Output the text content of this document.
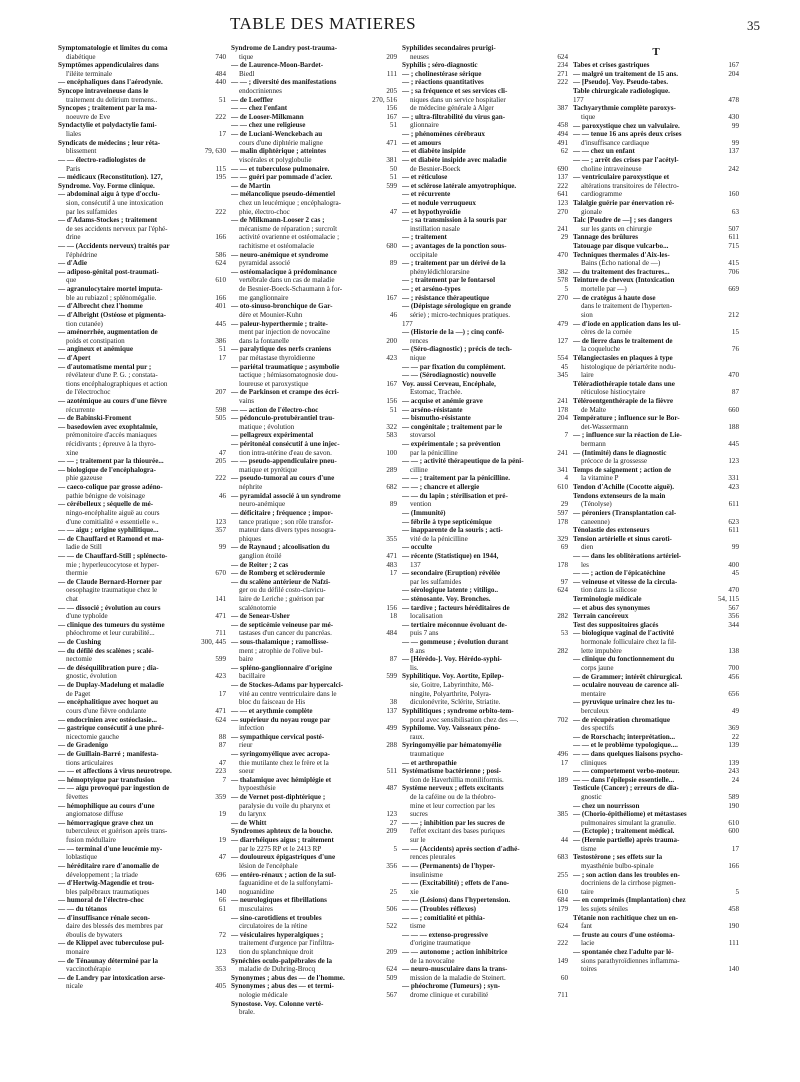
TABLE DES MATIERES	35
Symptomatologie et limites du coma
diabétique	740
Symptômes appendiculaires dans
l'iléite terminale	484
— encéphaliques dans l'aérodynie.	440
Syncope intraveineuse dans le
traitement du delirium tremens..	51
Syncopes ; traitement par la ma-
noeuvre de Eve	222
Syndactylie et polydactylie fami-
liales	17
Syndicats de médecins ; leur réta-
blissement	79, 630
— — électro-radiologistes de
Paris	115
— médicaux (Reconstitution). 127,	195
Syndrome. Voy. Forme clinique.
— abdominal aigu à type d'occlu-
sion, consécutif à une intoxication
par les sulfamides	222
— d'Adams-Stockes ; traitement
de ses accidents nerveux par l'éphé-
drine	166
— — (Accidents nerveux) traités par
l'éphédrine	586
— d'Adie	624
— adiposo-génital post-traumati-
que	610
— agranulocytaire mortel imputa-
ble au rubiazol ; splénomégalie.	166
— d'Albrecht chez l'homme	401
— d'Albright (Ostéose et pigmenta-
tion cutanée)	445
— aménorrhée, augmentation de
poids et constipation	386
— angineux et anémique	51
— d'Apert	17
— d'automatisme mental pur ;
révélateur d'une P. G. ; constata-
tions encéphalographiques et action
de l'électrochoc	207
— azotémique au cours d'une fièvre
récurrente	598
— de Babinski-Froment	505
— basedowien avec exophtalmie,
prémonitoire d'accès maniaques
récidivants ; épreuve à la thyro-
xine	47
— — ; traitement par la thiourée...	205
— biologique de l'encéphalogra-
phie gazeuse	222
— caeco-colique par grosse adéno-
pathie bénigne de voisinage	46
— cérébelleux ; séquelle de mé-
ningo-encéphalite aiguë au cours
d'une comitialité « essentielle »..	123
— — aigu ; origine syphilitique...	357
— de Chauffard et Ramond et ma-
ladie de Still	99
— — de Chauffard-Still ; splénecto-
mie ; hyperleucocytose et hyper-
thermie	670
— de Claude Bernard-Horner par
oesophagite traumatique chez le
chat	141
— — dissocié ; évolution au cours
d'une typhoïde	471
— clinique des tumeurs du système
phéochrome et leur curabilité...	711
— de Cushing	300, 445
— du défilé des scalènes ; scalé-
nectomie	599
— de déséquilibration pure ; dia-
gnostic, évolution	423
— de Duplay-Madelung et maladie
de Paget	17
— encéphalitique avec hoquet au
cours d'une fièvre ondulante	471
— endocrinien avec ostéoclasie...	624
— gastrique consécutif à une phré-
nicectomie gauche	88
— de Gradenigo	87
— de Guillain-Barré ; manifesta-
tions articulaires	47
— — et affections à virus neurotrope.	223
— hémoptyique par transfusion	7
— — aigu provoqué par ingestion de
fèvettes	359
— hémophilique au cours d'une
angiomatose diffuse	19
— hémorragique grave chez un
tuberculeux et guérison après trans-
fusion médullaire	19
— — terminal d'une leucémie my-
loblastique	47
— héréditaire rare d'anomalie de
développement ; la triade	696
— d'Hertwig-Magendie et trou-
bles palpébraux traumatiques	140
— humoral de l'électro-choc	66
— — du tétanos	61
— d'insuffisance rénale secon-
daire des blessés des membres par
éboulis de bywaters	72
— de Klippel avec tuberculose pul-
monaire	123
— de Ténaunay déterminé par la
vaccinothérapie	353
— de Landry par intoxication arse-
nicale	405
Syndrome de Landry post-trauma-
tique	209
— de Laurence-Moon-Bardet-
Biedl	111
— — ; diversité des manifestations
endocriniennes	205
— de Loeffler	270, 516
— — chez l'enfant	156
— de Looser-Milkmann	167
— — chez une religieuse	51
— de Luciani-Wenckebach au
cours d'une diphtérie maligne	471
— malin diphtérique ; atteintes
viscérales et polyglobulie	381
— — et tuberculose pulmonaire.	50
— — guéri par pommade d'acier.	51
— de Martin	599
— mélancolique pseudo-démentiel
chez un leucémique ; encéphalogra-
phie, électro-choc	47
— de Milkmann-Looser 2 cas ;
mécanisme de réparation ; surcroît
activité ovarienne et ostéomalacie ;
rachitisme et ostéomalacie	680
— neuro-anémique et syndrome
pyramidal associé	89
— ostéomalacique à prédominance
vertébrale dans un cas de maladie
de Besnier-Boeck-Schaumann à for-
me ganglionnaire	167
— oto-sinuso-bronchique de Gar-
dère et Mounier-Kuhn	46
— paleur-hyperthermie ; traite-
ment par injection de novocaïne
dans la fontanelle	200
— paralytique des nerfs craniens
par métastase thyroïdienne	423
— pariétal traumatique ; asymbolie
tactique ; hémiasomatognosie dou-
loureuse et paroxystique	167
— de Parkinson et crampe des écri-
vains	156
— — action de l'électro-choc	51
— pédonculo-protubérantiel trau-
matique ; évolution	322
— pellagreux expérimental	583
— péritonéal consécutif à une injec-
tion intra-utérine d'eau de savon.	100
— — pseudo-appendiculaire pneu-
matique et pyrétique	289
— pseudo-tumoral au cours d'une
néphrite	682
— pyramidal associé à un syndrome
neuro-anémique	89
— déficitaire ; fréquence ; impor-
tance pratique ; son rôle transfor-
mateur dans divers types nosogra-
phiques	355
— de Raynaud ; alcoolisation du
ganglion étoilé	471
— de Reiter ; 2 cas	483
— de Romberg et sclérodermie	17
— du scalène antérieur de Nafzi-
ger ou du défilé costo-clavicu-
laire de Leriche ; guérison par
scalénotomie	156
— de Senear-Usher	18
— de septicémie veineuse par mé-
tastases d'un cancer du pancréas.	484
— sous-thalamique ; ramollisse-
ment ; atrophie de l'olive bul-
baire	87
— spléno-ganglionnaire d'origine
bacillaire	599
— de Stockes-Adams par hypercalci-
vité au centre ventriculaire dans le
bloc du faisceau de His	38
— — et arythmie complète	137
— supérieur du noyau rouge par
infection	499
— sympathique cervical posté-
rieur	288
— syringomyélique avec acropa-
thie mutilante chez le frère et la
soeur	511
— thalamique avec hémiplégie et
hypoesthésie	487
— de Vernet post-diphtérique ;
paralysie du voile du pharynx et
du larynx	123
— de Whitt	27
Syndromes aphteux de la bouche.	209
— diarrhéiques aigus ; traitement
par le 2275 RP et le 2413 RP	5
— douloureux épigastriques d'une
lésion de l'encéphale	356
— entéro-rénaux ; action de la sul-
faguanidine et de la sulfonylami-
noguanidine	25
— neurologiques et fibrillations
musculaires	506
— sino-carotidiens et troubles
circulatoires de la rétine	522
— vésiculaires hyperalgiques ;
traitement d'urgence par l'infiltra-
tion du splanchnique droit	209
Synéchies oculo-palpébrales de la
maladie de Duhring-Brocq	624
Synonymes ; abus des — de l'homme.	509
Synonymes ; abus des — et termi-
nologie médicale	567
Synostose. Voy. Colonne verté-
brale.
Syphilides secondaires prurigi-
neuses	624
Syphilis ; séro-diagnostic	234
— ; cholinestérase sérique	271
— ; réactions quantitatives	222
— ; sa fréquence et ses services cli-
niques dans un service hospitalier
de médecine générale à Alger	387
— ; ultra-filtrabilité du virus gan-
glionnaire	458
— ; phénomènes cérébraux	494
— et amours	491
— et diabète insipide	62
— et diabète insipide avec maladie
de Besnier-Boeck	690
— et réticulose	137
— et sclérose latérale amyotrophique.	222
— et récurrente	641
— et nodule verruqueux	123
— et hypothyroïdie	270
— ; sa transmission à la souris par
instillation nasale	241
— ; traitement	29
— ; avantages de la ponction sous-
occipitale	470
— ; traitement par un dérivé de la
phénylédichlorarsine	382
— ; traitement par le fontarsol	578
— ; et arséno-types	5
— ; résistance thérapeutique	270
— (Dépistage sérologique en grande
série) ; micro-techniques pratiques.
177	479
— (Historie de la —) ; cinq confé-
rences	127
— (Séro-diagnostic) ; précis de tech-
nique	554
— — par fixation du complément.	45
— — (Sérodiagnostic) nouvelle	345
Voy. aussi Cerveau, Encéphale,
Estomac, Trachée.
— acquise et anémie grave	241
— arséno-résistante	178
— bismutho-résistante	204
— congénitale ; traitement par le
stovarsol	7
— expérimentale ; sa prévention
par la pénicilline	241
— — ; activité thérapeutique de la péni-
cilline	341
— — ; traitement par la pénicilline.	4
— — ; chancre et allergie	610
— — du lapin ; stérilisation et pré-
vention	29
— (Immunité)	597
— fébrile à type septicémique	178
— inapparente de la souris ; acti-
vité de la pénicilline	329
— occulte	69
— récente (Statistique) en 1944,
137	178
— secondaire (Eruption) révélée
par les sulfamides	97
— sérologique latente ; vitiligo..	624
— sténosante. Voy. Bronches.
— tardive ; facteurs héréditaires de
localisation	282
— tertiaire méconnue évoluant de-
puis 7 ans	53
— — gommeuse ; évolution durant
8 ans	282
— [Hérédo-]. Voy. Hérédo-syphi-
lis.
Syphilitique. Voy. Aortite, Epilep-
sie, Goitre, Labyrinthite, Mé-
ningite, Polyarthrite, Polyra-
diculonévrite, Sclérite, Striatite.
Syphilitiques ; syndrome orbito-tem-
poral avec sensibilisation chez des —.	702
Syphilome. Voy. Vaisseaux péno-
raux.
Syringomyélie par hématomyélie
traumatique	496
— et arthropathie	17
Systématisme bactérienne ; posi-
tion de Haverhillia moniliformis.	189
Système nerveux ; effets excitants
de la caféine ou de la théobro-
mine et leur correction par les
sucres	385
— — ; inhibition par les sucres de
l'effet excitant des bases puriques
sur le	44
— — (Accidents) après section d'adhé-
rences pleurales	683
— — (Permanents) de l'hyper-
insulinisme	255
— — (Excitabilité) ; effets de l'ano-
xie	610
— — (Lésions) dans l'hypertension.	684
— — (Troubles réflexes)	179
— — ; comitialité et pithia-
tisme	624
— — — extenso-progressive
d'origine traumatique	222
— — autonome ; action inhibitrice
de la novocaïne	149
— neuro-musculaire dans la trans-
mission de la maladie de Steinert.	60
— phéochrome (Tumeurs) ; syn-
drome clinique et curabilité	711
T
Tabes et crises gastriques	167
— malgré un traitement de 15 ans.	204
— [Pseudo]. Voy. Pseudo-tabes.
Table chirurgicale radiologique.
177	478
Tachyarythmie complète paroxys-
tique	430
— paroxystique chez un valvulaire.	99
— — tenue 16 ans après deux crises
d'insuffisance cardiaque	99
— — chez un enfant	137
— — ; arrêt des crises par l'acétyl-
choline intraveineuse	242
— ventriculaire paroxystique et
altérations transitoires de l'électro-
cardiogramme	160
Talalgie guérie par énervation ré-
gionale	63
Talc [Poudre de —] ; ses dangers
sur les gants en chirurgie	507
Tannage des brûlures	611
Tatouage par disque vulcarbo...	715
Techniques thermales d'Aix-les-
Bains (Écho national de —)	415
— du traitement des fractures...	706
Teinture de cheveux (Intoxication
mortelle par —)	669
— de cratégus à haute dose
dans le traitement de l'hyperten-
sion	212
— d'iode en application dans les ul-
cères de la cornée	15
— de lierre dans le traitement de
la coqueluche	76
Télangiectasies en plaques à type
histologique de périartérite nodu-
laire	470
Téléradiothérapie totale dans une
réticulose histiocytaire	87
Téléroentgenthérapie de la fièvre
de Malte	660
Température ; influence sur le Bor-
det-Wassermann	188
— ; influence sur la réaction de Lie-
bermann	445
— (Intimité) dans le diagnostic
précoce de la grossesse	123
Temps de saignement ; action de
la vitamine P	331
Tendon d'Achille (Cocotte aiguë).	423
Tendons extenseurs de la main
(Ténolyse)	611
— péroniers (Transplantation cal-
caneenne)	623
Ténolastie des extenseurs	611
Tension artérielle et sinus caroti-
dien	99
— — dans les oblitérations artériel-
les	400
— — ; action de l'épicatéchine	45
— veineuse et vitesse de la circula-
tion dans la silicose	470
Terminologie médicale	54, 115
— et abus des synonymes	567
Terrain cancéreux	356
Test des suppositoires glacés	344
— biologique vaginal de l'activité
hormonale folliculaire chez la fil-
lette impubère	138
— clinique du fonctionnement du
corps jaune	700
— de Grammer; intérêt chirurgical.	456
— oculaire nouveau de carence ali-
mentaire	656
— pyruvique urinaire chez les tu-
berculeux	49
— de récupération chromatique
des spectifs	369
— de Rorschach; interprétation...	22
— — et le problème typologique....	139
— — dans quelques liaisons psycho-
cliniques	139
— — comportement verbo-moteur.	243
— — dans l'épilepsie essentielle...	24
Testicule (Cancer) ; erreurs de dia-
gnostic	589
— chez un nourrisson	190
— (Chorio-épithéliome) et métastases
pulmonaires simulant la granulie.	610
— (Ectopie) ; traitement médical.	600
— (Hernie partielle) après trauma-
tisme	17
Testostérone ; ses effets sur la
myasthénie bulbo-spinale	166
— ; son action dans les troubles en-
docriniens de la cirrhose pigmen-
taire	5
— en comprimés (Implantation) chez
les sujets séniles	458
Tétanie non rachitique chez un en-
fant	190
— fruste au cours d'une ostéoma-
lacie	111
— spontanée chez l'adulte par lé-
sions parathyroïdiennes inflamma-
toires	140
